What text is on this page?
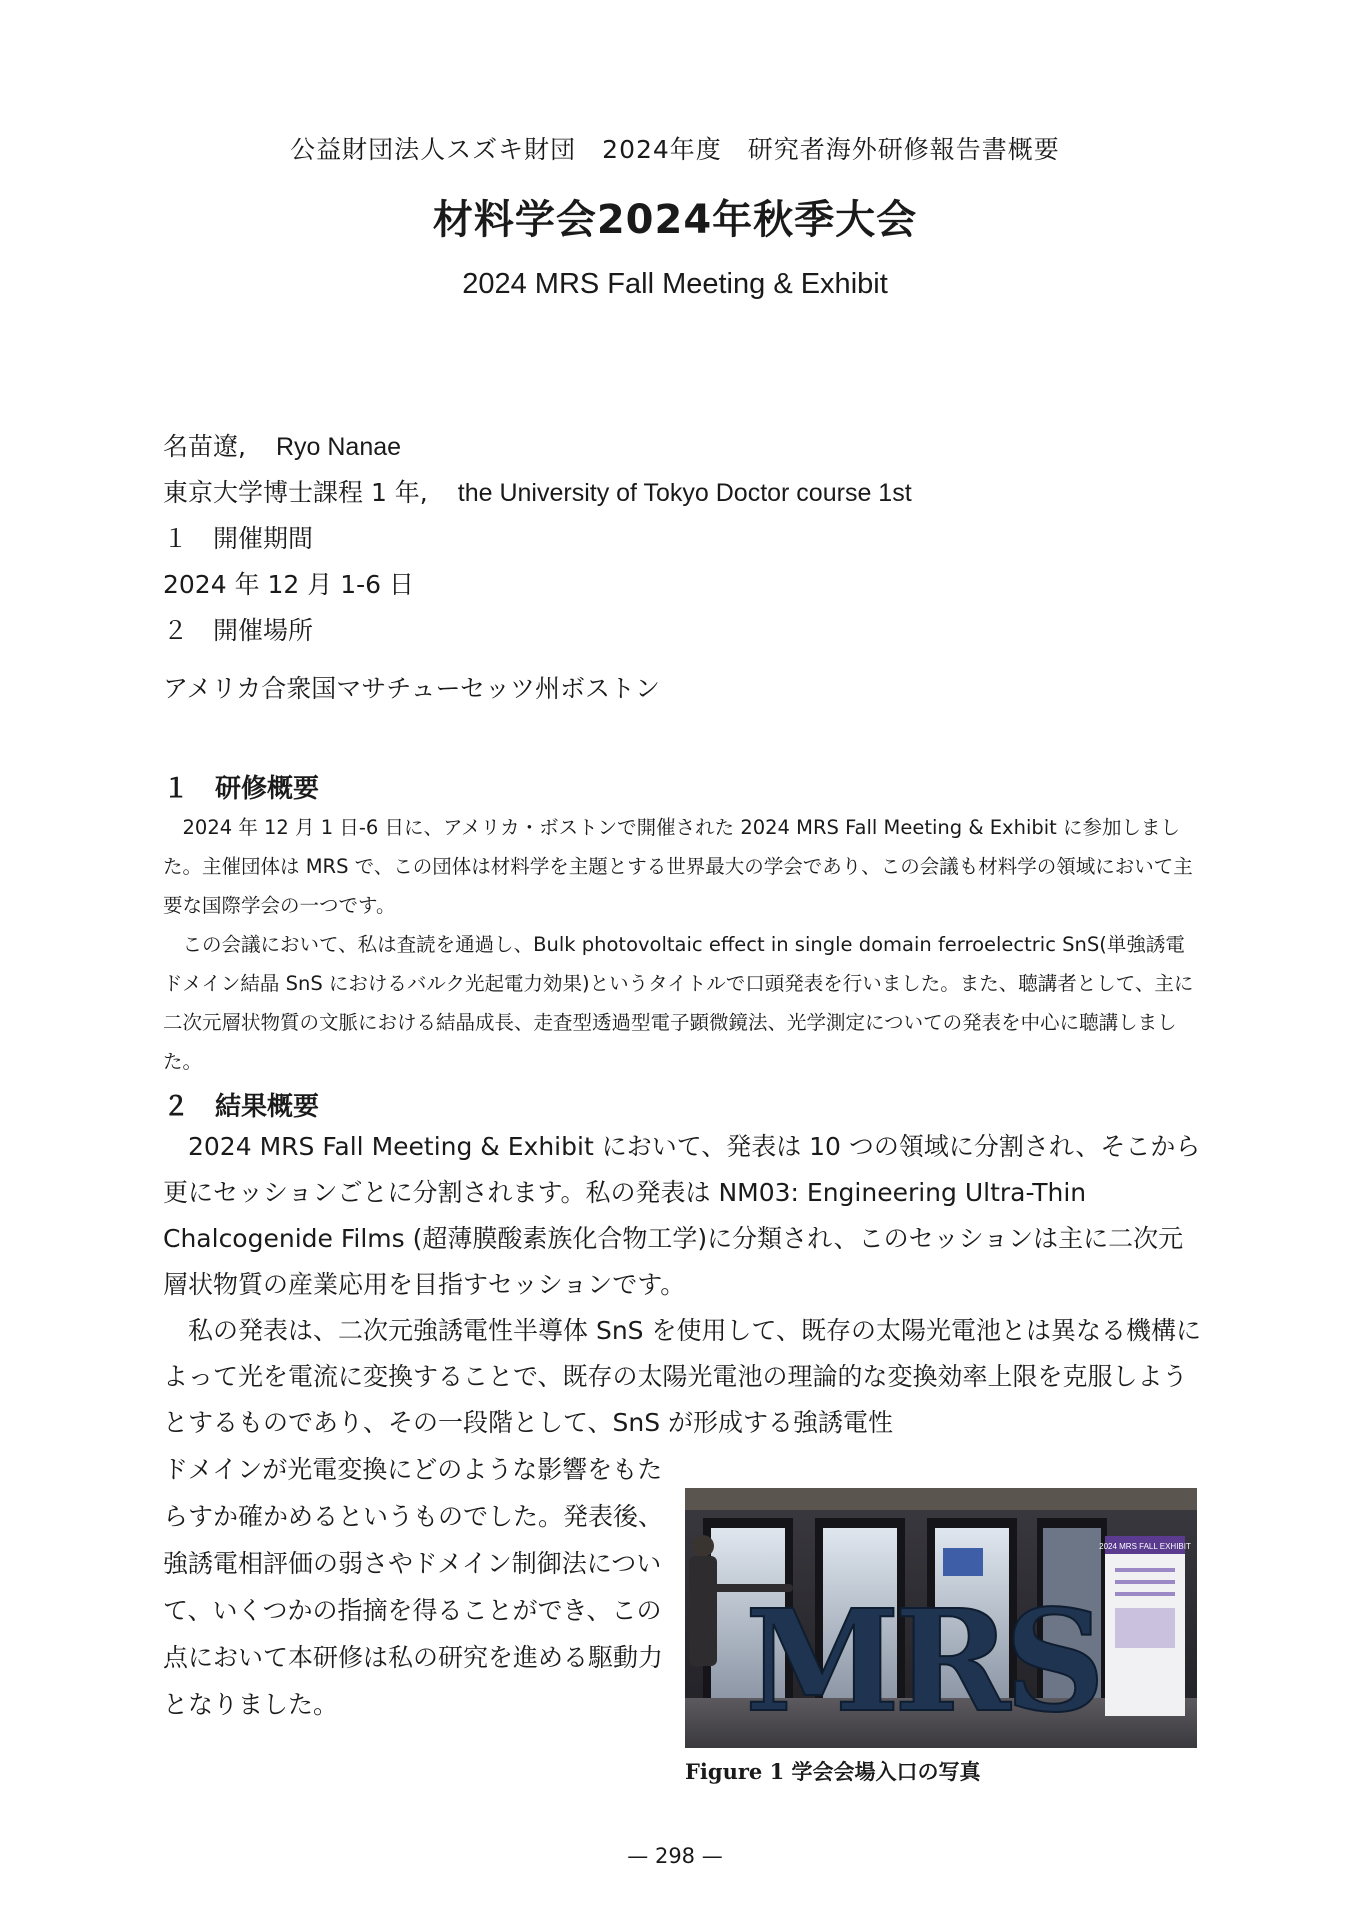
公益財団法人スズキ財団　2024年度　研究者海外研修報告書概要
材料学会2024年秋季大会
2024 MRS Fall Meeting & Exhibit
名苗遼, Ryo Nanae
東京大学博士課程 1 年, the University of Tokyo Doctor course 1st
１　開催期間
2024 年 12 月 1-6 日
２　開催場所
アメリカ合衆国マサチューセッツ州ボストン
１　研修概要

2024 年 12 月 1 日-6 日に、アメリカ・ボストンで開催された 2024 MRS Fall Meeting & Exhibit に参加しました。主催団体は MRS で、この団体は材料学を主題とする世界最大の学会であり、この会議も材料学の領域において主要な国際学会の一つです。

この会議において、私は査読を通過し、Bulk photovoltaic effect in single domain ferroelectric SnS(単強誘電ドメイン結晶 SnS におけるバルク光起電力効果)というタイトルで口頭発表を行いました。また、聴講者として、主に二次元層状物質の文脈における結晶成長、走査型透過型電子顕微鏡法、光学測定についての発表を中心に聴講しました。

２　結果概要

2024 MRS Fall Meeting & Exhibit において、発表は 10 つの領域に分割され、そこから更にセッションごとに分割されます。私の発表は NM03: Engineering Ultra-Thin Chalcogenide Films (超薄膜酸素族化合物工学)に分類され、このセッションは主に二次元層状物質の産業応用を目指すセッションです。

私の発表は、二次元強誘電性半導体 SnS を使用して、既存の太陽光電池とは異なる機構によって光を電流に変換することで、既存の太陽光電池の理論的な変換効率上限を克服しようとするものであり、その一段階として、SnS が形成する強誘電性

ドメインが光電変換にどのような影響をもたらすか確かめるというものでした。発表後、強誘電相評価の弱さやドメイン制御法について、いくつかの指摘を得ることができ、この点において本研修は私の研究を進める駆動力となりました。
2024 MRS FALL EXHIBIT
MRS
Figure 1 学会会場入口の写真
— 298 —
